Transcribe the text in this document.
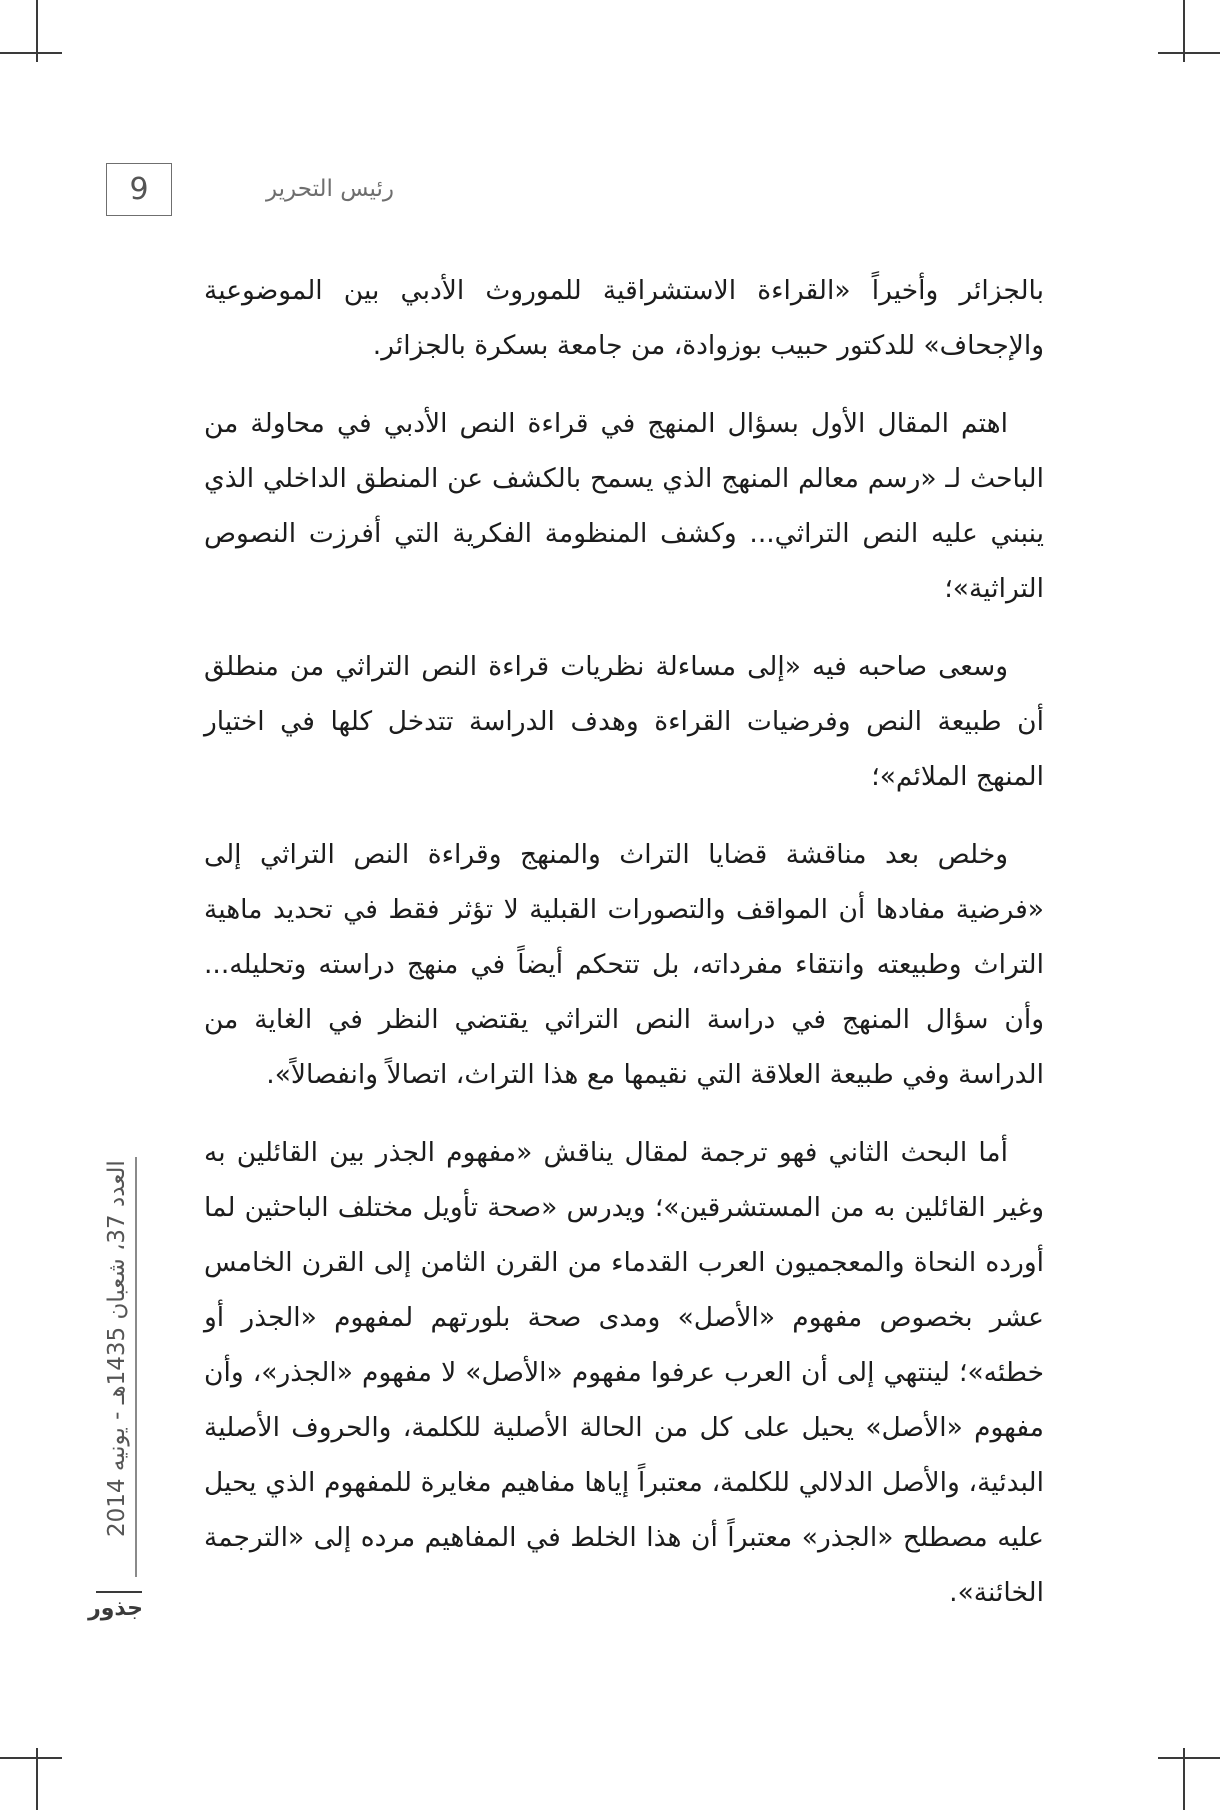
9	رئيس التحرير

بالجزائر وأخيراً «القراءة الاستشراقية للموروث الأدبي بين الموضوعية والإجحاف» للدكتور حبيب بوزوادة، من جامعة بسكرة بالجزائر.

اهتم المقال الأول بسؤال المنهج في قراءة النص الأدبي في محاولة من الباحث لـ «رسم معالم المنهج الذي يسمح بالكشف عن المنطق الداخلي الذي ينبني عليه النص التراثي... وكشف المنظومة الفكرية التي أفرزت النصوص التراثية»؛

وسعى صاحبه فيه «إلى مساءلة نظريات قراءة النص التراثي من منطلق أن طبيعة النص وفرضيات القراءة وهدف الدراسة تتدخل كلها في اختيار المنهج الملائم»؛

وخلص بعد مناقشة قضايا التراث والمنهج وقراءة النص التراثي إلى «فرضية مفادها أن المواقف والتصورات القبلية لا تؤثر فقط في تحديد ماهية التراث وطبيعته وانتقاء مفرداته، بل تتحكم أيضاً في منهج دراسته وتحليله... وأن سؤال المنهج في دراسة النص التراثي يقتضي النظر في الغاية من الدراسة وفي طبيعة العلاقة التي نقيمها مع هذا التراث، اتصالاً وانفصالاً».

أما البحث الثاني فهو ترجمة لمقال يناقش «مفهوم الجذر بين القائلين به وغير القائلين به من المستشرقين»؛ ويدرس «صحة تأويل مختلف الباحثين لما أورده النحاة والمعجميون العرب القدماء من القرن الثامن إلى القرن الخامس عشر بخصوص مفهوم «الأصل» ومدى صحة بلورتهم لمفهوم «الجذر أو خطئه»؛ لينتهي إلى أن العرب عرفوا مفهوم «الأصل» لا مفهوم «الجذر»، وأن مفهوم «الأصل» يحيل على كل من الحالة الأصلية للكلمة، والحروف الأصلية البدئية، والأصل الدلالي للكلمة، معتبراً إياها مفاهيم مغايرة للمفهوم الذي يحيل عليه مصطلح «الجذر» معتبراً أن هذا الخلط في المفاهيم مرده إلى «الترجمة الخائنة».

العدد 37، شعبان 1435هـ - يونيه 2014
جذور
